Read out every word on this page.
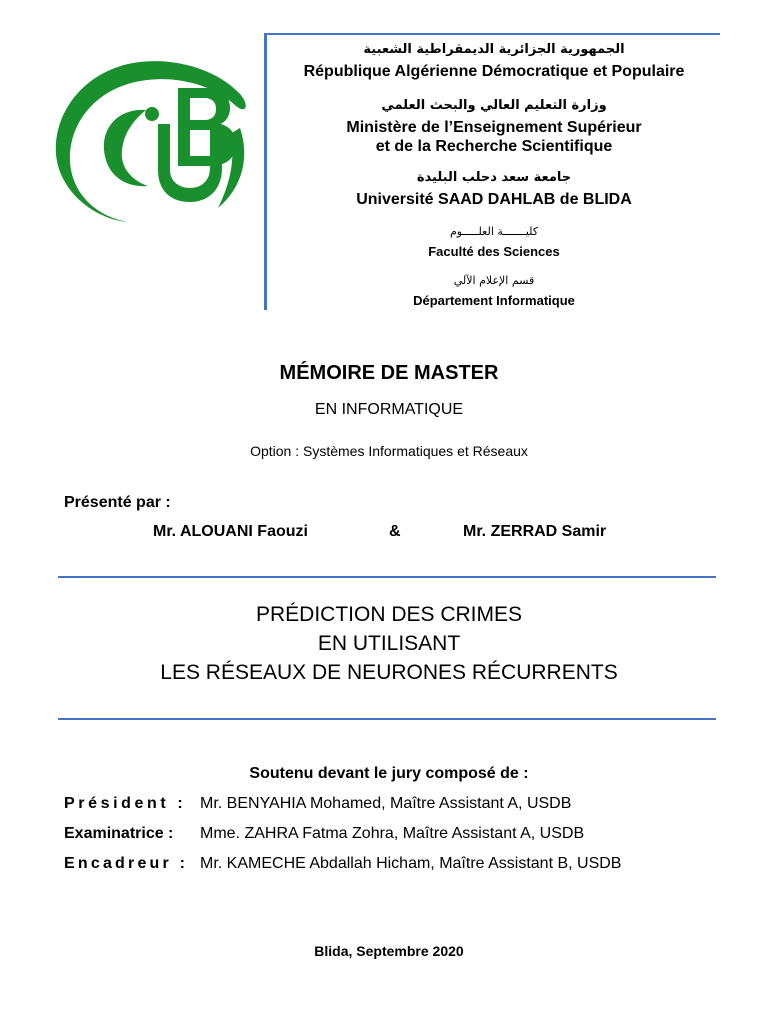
الجمهورية الجزائرية الديمقراطية الشعبية
République Algérienne Démocratique et Populaire
وزارة التعليم العالي والبحث العلمي
Ministère de l’Enseignement Supérieur
et de la Recherche Scientifique
جامعة سعد دحلب البليدة
Université SAAD DAHLAB de BLIDA
كليـــــــة العلـــــوم
Faculté des Sciences
قسم الإعلام الآلي
Département Informatique
MÉMOIRE DE MASTER
EN INFORMATIQUE
Option : Systèmes Informatiques et Réseaux
Présenté par :
Mr. ALOUANI Faouzi	&	Mr. ZERRAD Samir
PRÉDICTION DES CRIMES
EN UTILISANT
LES RÉSEAUX DE NEURONES RÉCURRENTS
Soutenu devant le jury composé de :
Président : Mr. BENYAHIA Mohamed, Maître Assistant A, USDB
Examinatrice : Mme. ZAHRA Fatma Zohra, Maître Assistant A, USDB
Encadreur : Mr. KAMECHE Abdallah Hicham, Maître Assistant B, USDB
Blida, Septembre 2020
